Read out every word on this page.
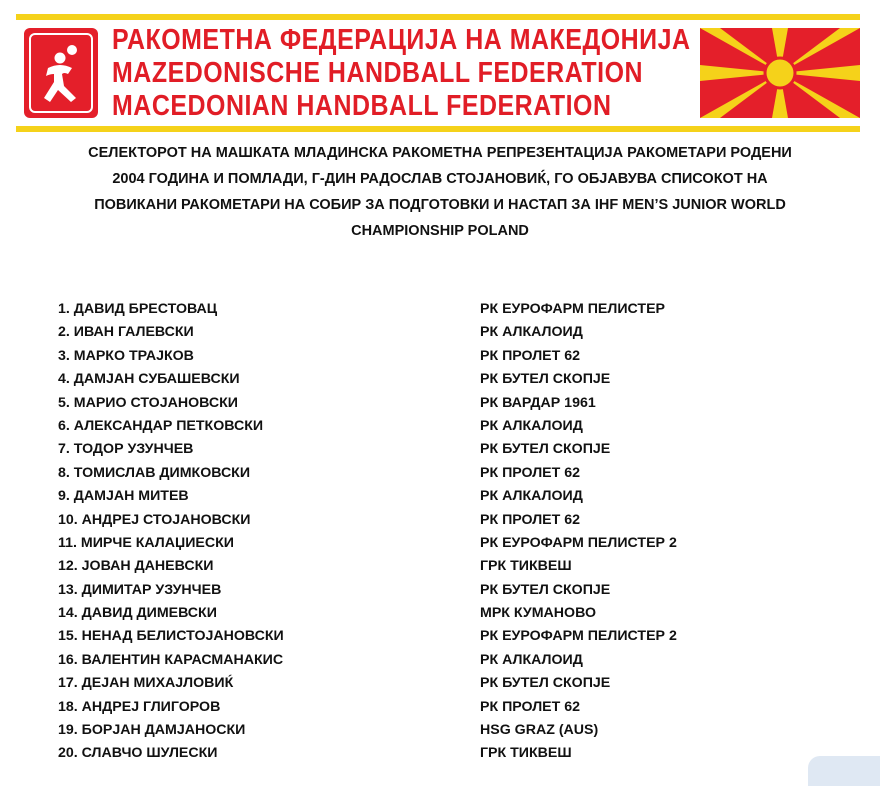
РАКОМЕТНА ФЕДЕРАЦИЈА НА МАКЕДОНИЈА
MAZEDONISCHE HANDBALL FEDERATION
MACEDONIAN HANDBALL FEDERATION
СЕЛЕКТОРОТ НА МАШКАТА МЛАДИНСКА РАКОМЕТНА РЕПРЕЗЕНТАЦИЈА РАКОМЕТАРИ РОДЕНИ
2004 ГОДИНА И ПОМЛАДИ, Г-ДИН РАДОСЛАВ СТОЈАНОВИЌ, ГО ОБЈАВУВА СПИСОКОТ НА
ПОВИКАНИ РАКОМЕТАРИ НА СОБИР ЗА ПОДГОТОВКИ И НАСТАП ЗА IHF MEN’S JUNIOR WORLD
CHAMPIONSHIP POLAND
1. ДАВИД БРЕСТОВАЦ	РК ЕУРОФАРМ ПЕЛИСТЕР
2. ИВАН ГАЛЕВСКИ	РК АЛКАЛОИД
3. МАРКО ТРАЈКОВ	РК ПРОЛЕТ 62
4. ДАМЈАН СУБАШЕВСКИ	РК БУТЕЛ СКОПЈЕ
5. МАРИО СТОЈАНОВСКИ	РК ВАРДАР 1961
6. АЛЕКСАНДАР ПЕТКОВСКИ	РК АЛКАЛОИД
7. ТОДОР УЗУНЧЕВ	РК БУТЕЛ СКОПЈЕ
8. ТОМИСЛАВ ДИМКОВСКИ	РК ПРОЛЕТ 62
9. ДАМЈАН МИТЕВ	РК АЛКАЛОИД
10. АНДРЕЈ СТОЈАНОВСКИ	РК ПРОЛЕТ 62
11. МИРЧЕ КАЛАЏИЕСКИ	РК ЕУРОФАРМ ПЕЛИСТЕР 2
12. ЈОВАН ДАНЕВСКИ	ГРК ТИКВЕШ
13. ДИМИТАР УЗУНЧЕВ	РК БУТЕЛ СКОПЈЕ
14. ДАВИД ДИМЕВСКИ	МРК КУМАНОВО
15. НЕНАД БЕЛИСТОЈАНОВСКИ	РК ЕУРОФАРМ ПЕЛИСТЕР 2
16. ВАЛЕНТИН КАРАСМАНАКИС	РК АЛКАЛОИД
17. ДЕЈАН МИХАЈЛОВИЌ	РК БУТЕЛ СКОПЈЕ
18. АНДРЕЈ ГЛИГОРОВ	РК ПРОЛЕТ 62
19. БОРЈАН ДАМЈАНОСКИ	HSG GRAZ (AUS)
20. СЛАВЧО ШУЛЕСКИ	ГРК ТИКВЕШ
